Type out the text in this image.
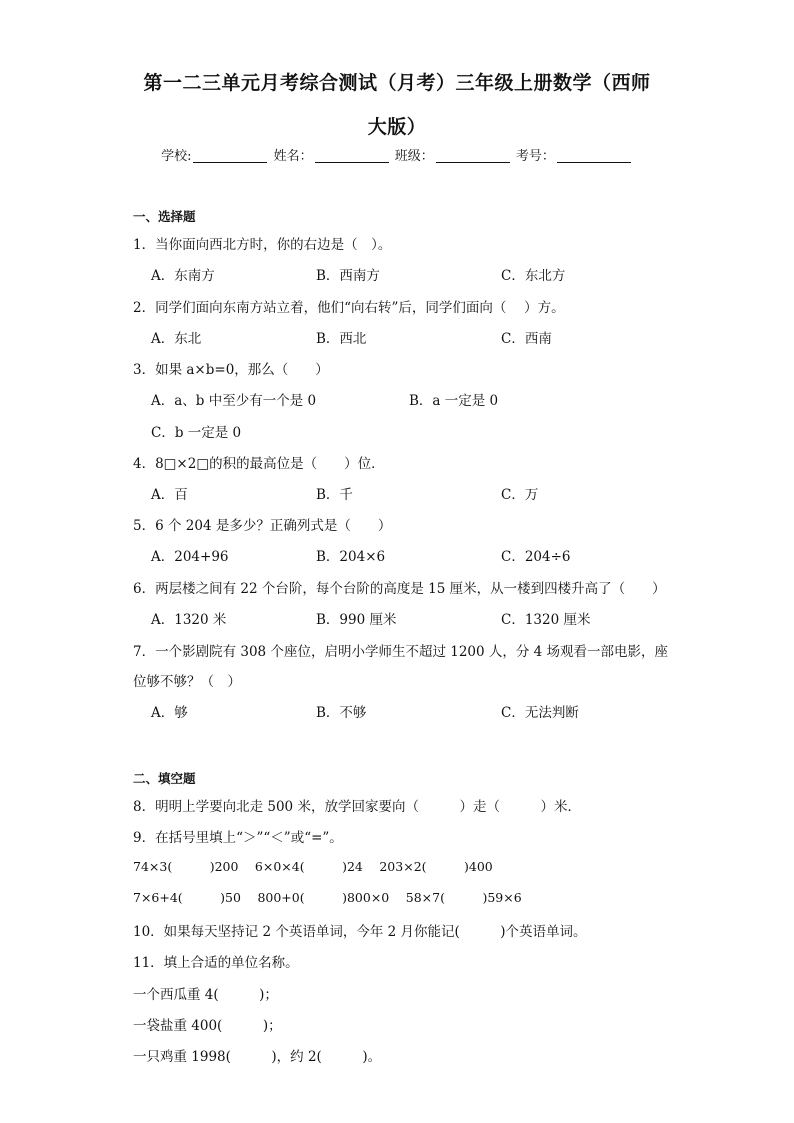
第一二三单元月考综合测试（月考）三年级上册数学（西师
大版）
学校:	姓名：	班级：	考号：
一、选择题
1．当你面向西北方时，你的右边是（　）。
A．东南方	B．西南方	C．东北方
2．同学们面向东南方站立着，他们“向右转”后，同学们面向（　 ）方。
A．东北	B．西北	C．西南
3．如果 a×b=0，那么（　　）
A．a、b 中至少有一个是 0	B．a 一定是 0
C．b 一定是 0
4．8□×2□的积的最高位是（　　）位．
A．百	B．千	C．万
5．6 个 204 是多少？正确列式是（　　）
A．204+96	B．204×6	C．204÷6
6．两层楼之间有 22 个台阶，每个台阶的高度是 15 厘米，从一楼到四楼升高了（　　）
A．1320 米	B．990 厘米	C．1320 厘米
7．一个影剧院有 308 个座位，启明小学师生不超过 1200 人，分 4 场观看一部电影，座
位够不够？（　）
A．够	B．不够	C．无法判断
二、填空题
8．明明上学要向北走 500 米，放学回家要向（　　　）走（　　　）米．
9．在括号里填上“＞”“＜”或“=”。
74×3(　　　)200　 6×0×4(　　　)24　 203×2(　　　)400
7×6+4(　　　)50　 800+0(　　　)800×0　 58×7(　　　)59×6
10．如果每天坚持记 2 个英语单词，今年 2 月你能记(　　　)个英语单词。
11．填上合适的单位名称。
一个西瓜重 4(　　　)；
一袋盐重 400(　　　)；
一只鸡重 1998(　　　)，约 2(　　　)。
